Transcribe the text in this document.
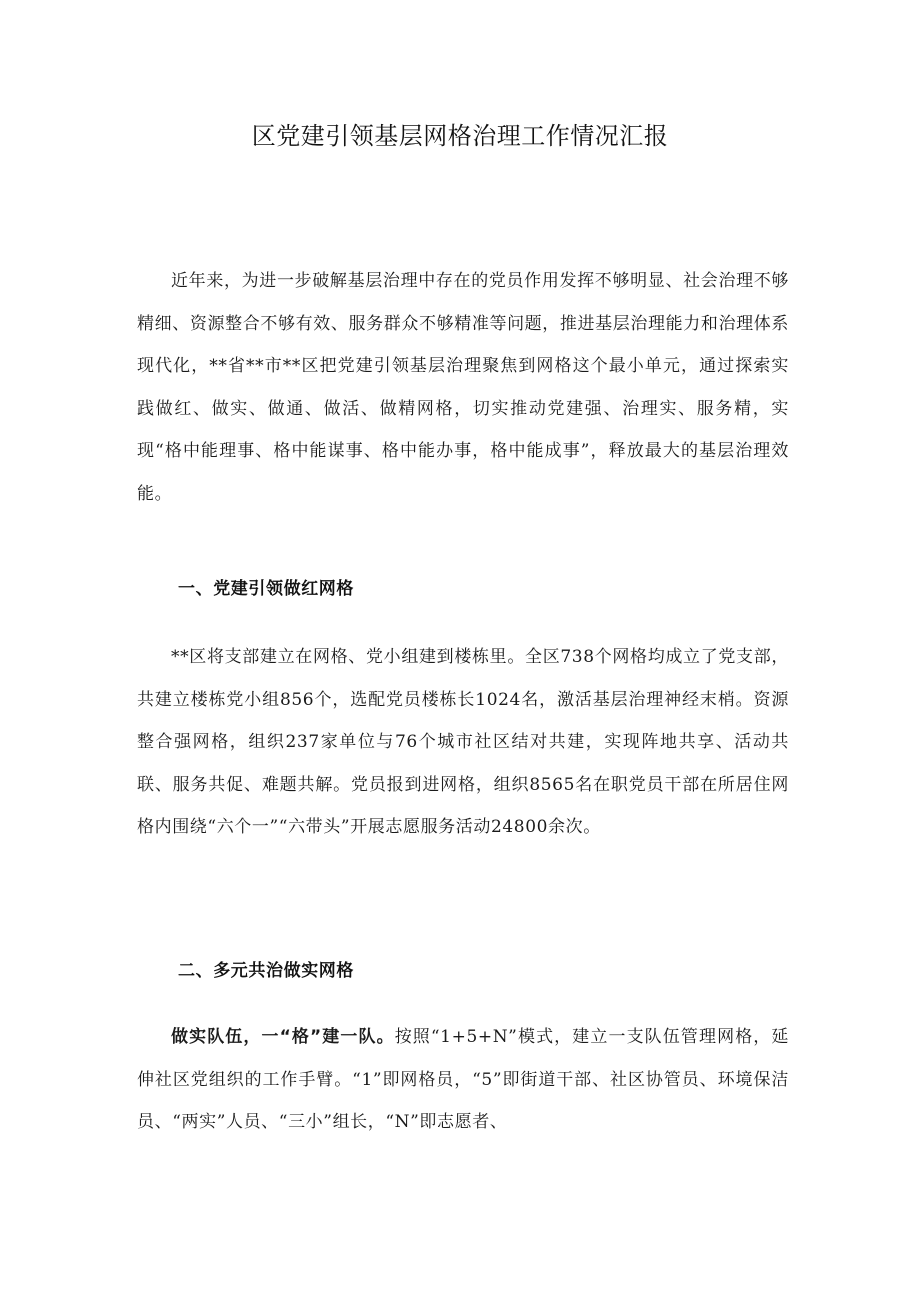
区党建引领基层网格治理工作情况汇报

近年来，为进一步破解基层治理中存在的党员作用发挥不够明显、社会治理不够精细、资源整合不够有效、服务群众不够精准等问题，推进基层治理能力和治理体系现代化，**省**市**区把党建引领基层治理聚焦到网格这个最小单元，通过探索实践做红、做实、做通、做活、做精网格，切实推动党建强、治理实、服务精，实现“格中能理事、格中能谋事、格中能办事，格中能成事”，释放最大的基层治理效能。

一、党建引领做红网格

**区将支部建立在网格、党小组建到楼栋里。全区738个网格均成立了党支部，共建立楼栋党小组856个，选配党员楼栋长1024名，激活基层治理神经末梢。资源整合强网格，组织237家单位与76个城市社区结对共建，实现阵地共享、活动共联、服务共促、难题共解。党员报到进网格，组织8565名在职党员干部在所居住网格内围绕“六个一”“六带头”开展志愿服务活动24800余次。

二、多元共治做实网格

做实队伍，一“格”建一队。按照“1+5+N”模式，建立一支队伍管理网格，延伸社区党组织的工作手臂。“1”即网格员，“5”即街道干部、社区协管员、环境保洁员、“两实”人员、“三小”组长，“N”即志愿者、
